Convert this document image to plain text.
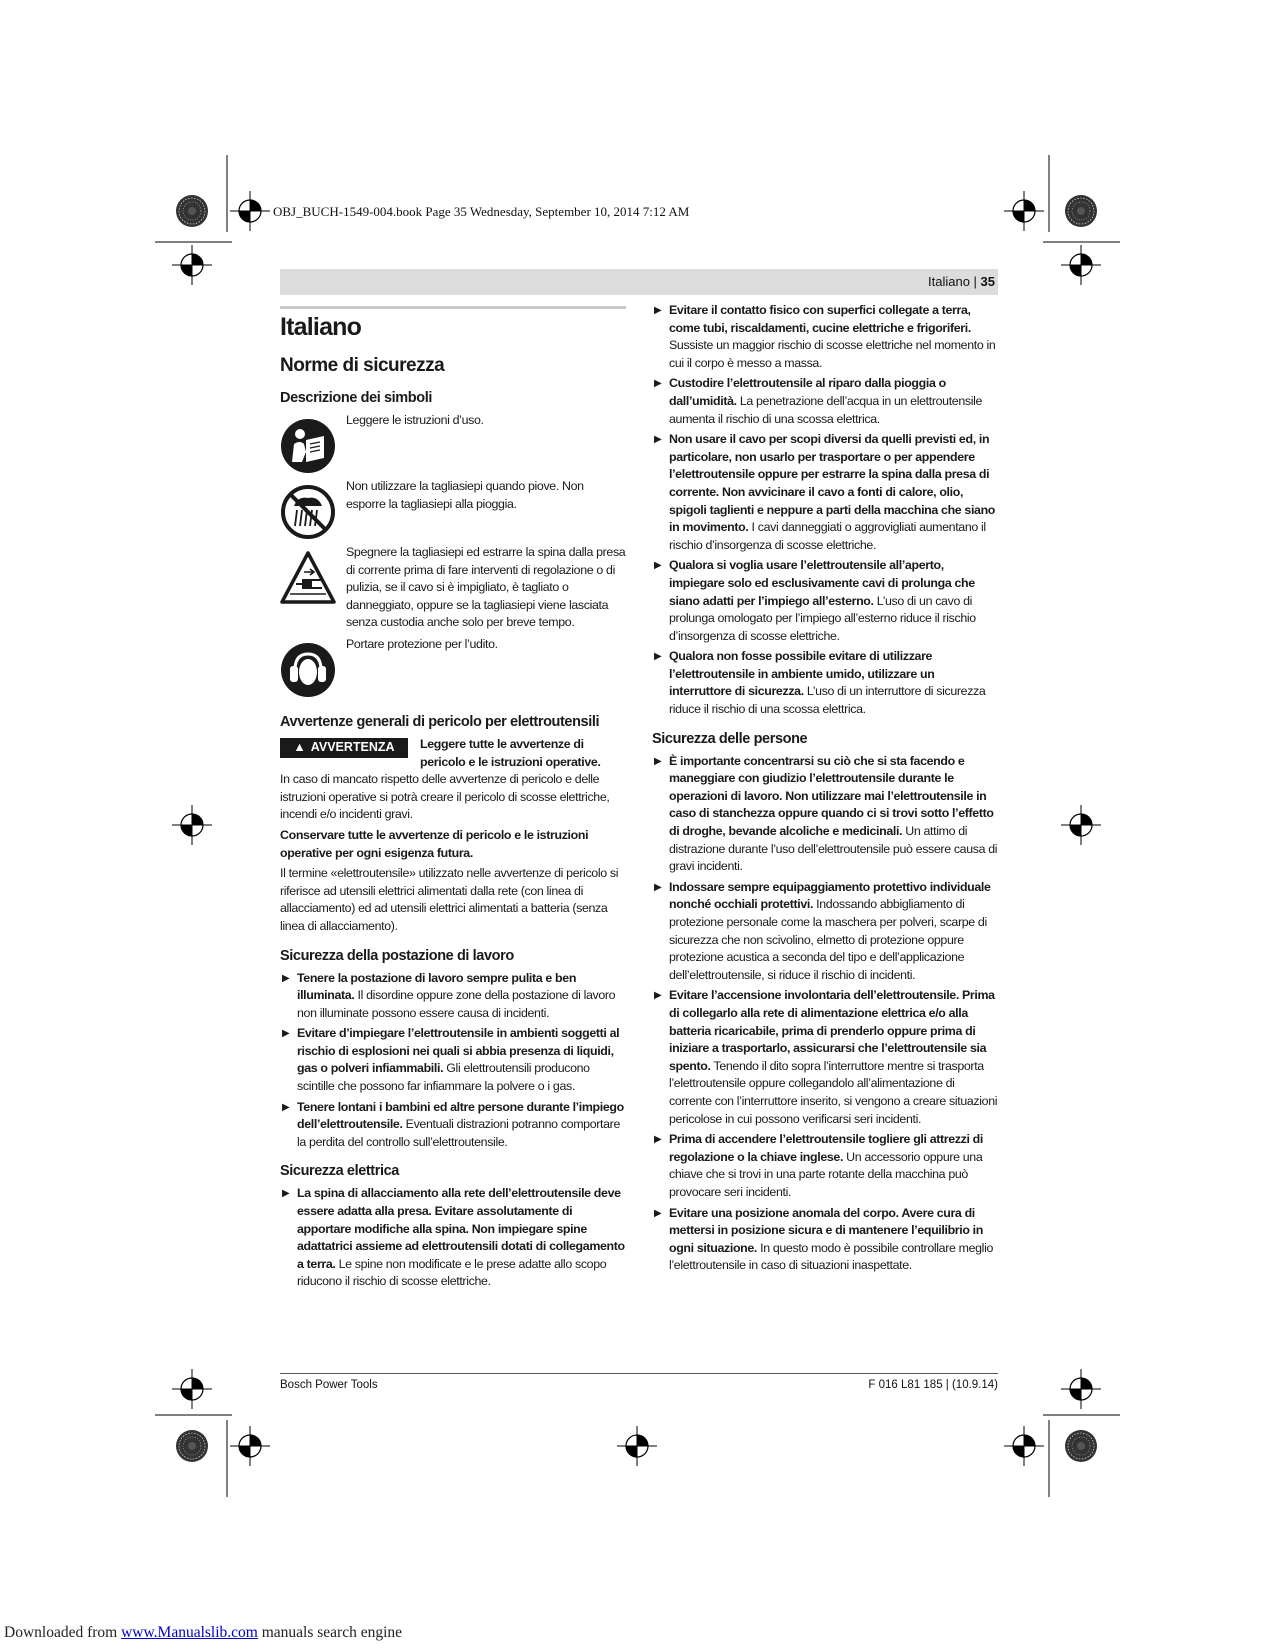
OBJ_BUCH-1549-004.book Page 35 Wednesday, September 10, 2014 7:12 AM
Italiano | 35
Italiano
Norme di sicurezza
Descrizione dei simboli
Leggere le istruzioni d’uso.
Non utilizzare la tagliasiepi quando piove. Non esporre la tagliasiepi alla pioggia.
Spegnere la tagliasiepi ed estrarre la spina dalla presa di corrente prima di fare interventi di regolazione o di pulizia, se il cavo si è impigliato, è tagliato o danneggiato, oppure se la tagliasiepi viene lasciata senza custodia anche solo per breve tempo.
Portare protezione per l’udito.
Avvertenze generali di pericolo per elettroutensili
▲ AVVERTENZA Leggere tutte le avvertenze di pericolo e le istruzioni operative.

In caso di mancato rispetto delle avvertenze di pericolo e delle istruzioni operative si potrà creare il pericolo di scosse elettriche, incendi e/o incidenti gravi.

Conservare tutte le avvertenze di pericolo e le istruzioni operative per ogni esigenza futura.

Il termine «elettroutensile» utilizzato nelle avvertenze di pericolo si riferisce ad utensili elettrici alimentati dalla rete (con linea di allacciamento) ed ad utensili elettrici alimentati a batteria (senza linea di allacciamento).

Sicurezza della postazione di lavoro
▶ Tenere la postazione di lavoro sempre pulita e ben illuminata. Il disordine oppure zone della postazione di lavoro non illuminate possono essere causa di incidenti.
▶ Evitare d’impiegare l’elettroutensile in ambienti soggetti al rischio di esplosioni nei quali si abbia presenza di liquidi, gas o polveri infiammabili. Gli elettroutensili producono scintille che possono far infiammare la polvere o i gas.
▶ Tenere lontani i bambini ed altre persone durante l’impiego dell’elettroutensile. Eventuali distrazioni potranno comportare la perdita del controllo sull’elettroutensile.
Sicurezza elettrica
▶ La spina di allacciamento alla rete dell’elettroutensile deve essere adatta alla presa. Evitare assolutamente di apportare modifiche alla spina. Non impiegare spine adattatrici assieme ad elettroutensili dotati di collegamento a terra. Le spine non modificate e le prese adatte allo scopo riducono il rischio di scosse elettriche.
▶ Evitare il contatto fisico con superfici collegate a terra, come tubi, riscaldamenti, cucine elettriche e frigoriferi. Sussiste un maggior rischio di scosse elettriche nel momento in cui il corpo è messo a massa.
▶ Custodire l’elettroutensile al riparo dalla pioggia o dall’umidità. La penetrazione dell’acqua in un elettroutensile aumenta il rischio di una scossa elettrica.
▶ Non usare il cavo per scopi diversi da quelli previsti ed, in particolare, non usarlo per trasportare o per appendere l’elettroutensile oppure per estrarre la spina dalla presa di corrente. Non avvicinare il cavo a fonti di calore, olio, spigoli taglienti e neppure a parti della macchina che siano in movimento. I cavi danneggiati o aggrovigliati aumentano il rischio d’insorgenza di scosse elettriche.
▶ Qualora si voglia usare l’elettroutensile all’aperto, impiegare solo ed esclusivamente cavi di prolunga che siano adatti per l’impiego all’esterno. L’uso di un cavo di prolunga omologato per l’impiego all’esterno riduce il rischio d’insorgenza di scosse elettriche.
▶ Qualora non fosse possibile evitare di utilizzare l’elettroutensile in ambiente umido, utilizzare un interruttore di sicurezza. L’uso di un interruttore di sicurezza riduce il rischio di una scossa elettrica.
Sicurezza delle persone
▶ È importante concentrarsi su ciò che si sta facendo e maneggiare con giudizio l’elettroutensile durante le operazioni di lavoro. Non utilizzare mai l’elettroutensile in caso di stanchezza oppure quando ci si trovi sotto l’effetto di droghe, bevande alcoliche e medicinali. Un attimo di distrazione durante l’uso dell’elettroutensile può essere causa di gravi incidenti.
▶ Indossare sempre equipaggiamento protettivo individuale nonché occhiali protettivi. Indossando abbigliamento di protezione personale come la maschera per polveri, scarpe di sicurezza che non scivolino, elmetto di protezione oppure protezione acustica a seconda del tipo e dell’applicazione dell’elettroutensile, si riduce il rischio di incidenti.
▶ Evitare l’accensione involontaria dell’elettroutensile. Prima di collegarlo alla rete di alimentazione elettrica e/o alla batteria ricaricabile, prima di prenderlo oppure prima di iniziare a trasportarlo, assicurarsi che l’elettroutensile sia spento. Tenendo il dito sopra l’interruttore mentre si trasporta l’elettroutensile oppure collegandolo all’alimentazione di corrente con l’interruttore inserito, si vengono a creare situazioni pericolose in cui possono verificarsi seri incidenti.
▶ Prima di accendere l’elettroutensile togliere gli attrezzi di regolazione o la chiave inglese. Un accessorio oppure una chiave che si trovi in una parte rotante della macchina può provocare seri incidenti.
▶ Evitare una posizione anomala del corpo. Avere cura di mettersi in posizione sicura e di mantenere l’equilibrio in ogni situazione. In questo modo è possibile controllare meglio l’elettroutensile in caso di situazioni inaspettate.
Bosch Power Tools	F 016 L81 185 | (10.9.14)
Downloaded from www.Manualslib.com manuals search engine
